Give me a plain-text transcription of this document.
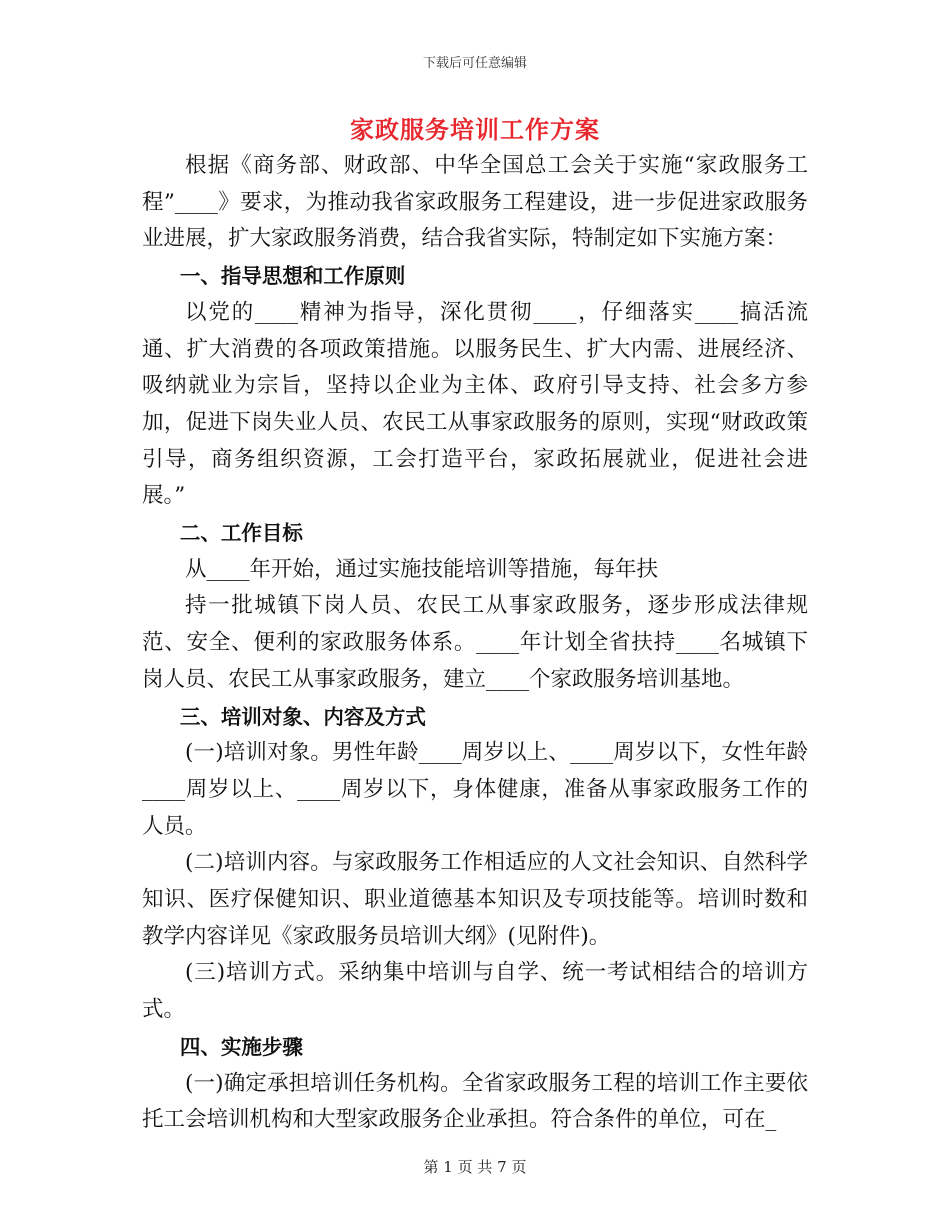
下载后可任意编辑
家政服务培训工作方案

根据《商务部、财政部、中华全国总工会关于实施“家政服务工程”____》要求，为推动我省家政服务工程建设，进一步促进家政服务业进展，扩大家政服务消费，结合我省实际，特制定如下实施方案：

一、指导思想和工作原则

以党的____精神为指导，深化贯彻____，仔细落实____搞活流通、扩大消费的各项政策措施。以服务民生、扩大内需、进展经济、吸纳就业为宗旨，坚持以企业为主体、政府引导支持、社会多方参加，促进下岗失业人员、农民工从事家政服务的原则，实现“财政政策引导，商务组织资源，工会打造平台，家政拓展就业，促进社会进展。”

二、工作目标

从____年开始，通过实施技能培训等措施，每年扶

持一批城镇下岗人员、农民工从事家政服务，逐步形成法律规范、安全、便利的家政服务体系。____年计划全省扶持____名城镇下岗人员、农民工从事家政服务，建立____个家政服务培训基地。

三、培训对象、内容及方式

(一)培训对象。男性年龄____周岁以上、____周岁以下，女性年龄____周岁以上、____周岁以下，身体健康，准备从事家政服务工作的人员。

(二)培训内容。与家政服务工作相适应的人文社会知识、自然科学知识、医疗保健知识、职业道德基本知识及专项技能等。培训时数和教学内容详见《家政服务员培训大纲》(见附件)。

(三)培训方式。采纳集中培训与自学、统一考试相结合的培训方式。

四、实施步骤

(一)确定承担培训任务机构。全省家政服务工程的培训工作主要依托工会培训机构和大型家政服务企业承担。符合条件的单位，可在_

第 1 页 共 7 页
